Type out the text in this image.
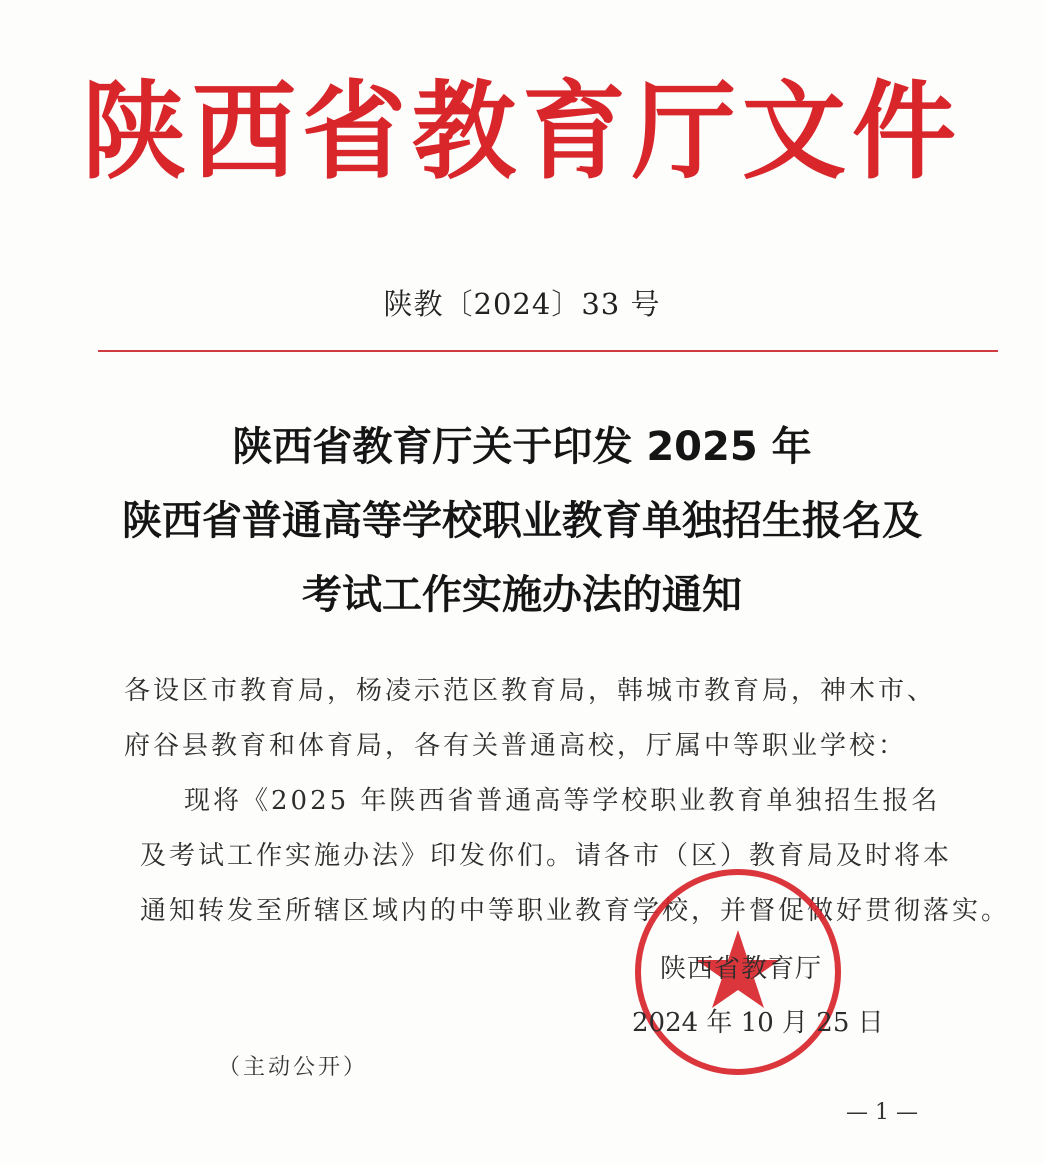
陕西省教育厅文件
陕教〔2024〕33 号
陕西省教育厅关于印发 2025 年
陕西省普通高等学校职业教育单独招生报名及
考试工作实施办法的通知
各设区市教育局，杨凌示范区教育局，韩城市教育局，神木市、
府谷县教育和体育局，各有关普通高校，厅属中等职业学校：
现将《2025 年陕西省普通高等学校职业教育单独招生报名
及考试工作实施办法》印发你们。请各市（区）教育局及时将本
通知转发至所辖区域内的中等职业教育学校，并督促做好贯彻落实。
陕西省教育厅
2024 年 10 月 25 日
（主动公开）
— 1 —
